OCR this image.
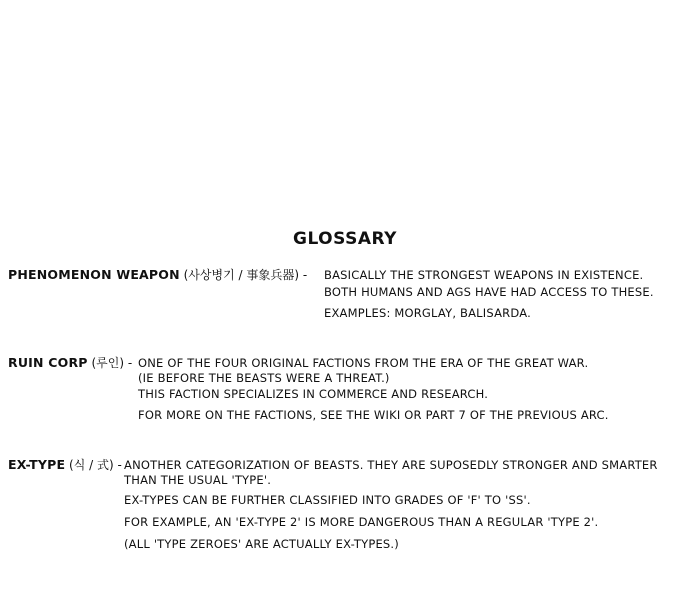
GLOSSARY
PHENOMENON WEAPON (사상병기 / 事象兵器) - BASICALLY THE STRONGEST WEAPONS IN EXISTENCE.
BOTH HUMANS AND AGS HAVE HAD ACCESS TO THESE.
EXAMPLES: MORGLAY, BALISARDA.
RUIN CORP (루인) - ONE OF THE FOUR ORIGINAL FACTIONS FROM THE ERA OF THE GREAT WAR.
(IE BEFORE THE BEASTS WERE A THREAT.)
THIS FACTION SPECIALIZES IN COMMERCE AND RESEARCH.
FOR MORE ON THE FACTIONS, SEE THE WIKI OR PART 7 OF THE PREVIOUS ARC.
EX-TYPE (식 / 式) - ANOTHER CATEGORIZATION OF BEASTS. THEY ARE SUPOSEDLY STRONGER AND SMARTER
THAN THE USUAL 'TYPE'.
EX-TYPES CAN BE FURTHER CLASSIFIED INTO GRADES OF 'F' TO 'SS'.
FOR EXAMPLE, AN 'EX-TYPE 2' IS MORE DANGEROUS THAN A REGULAR 'TYPE 2'.
(ALL 'TYPE ZEROES' ARE ACTUALLY EX-TYPES.)
